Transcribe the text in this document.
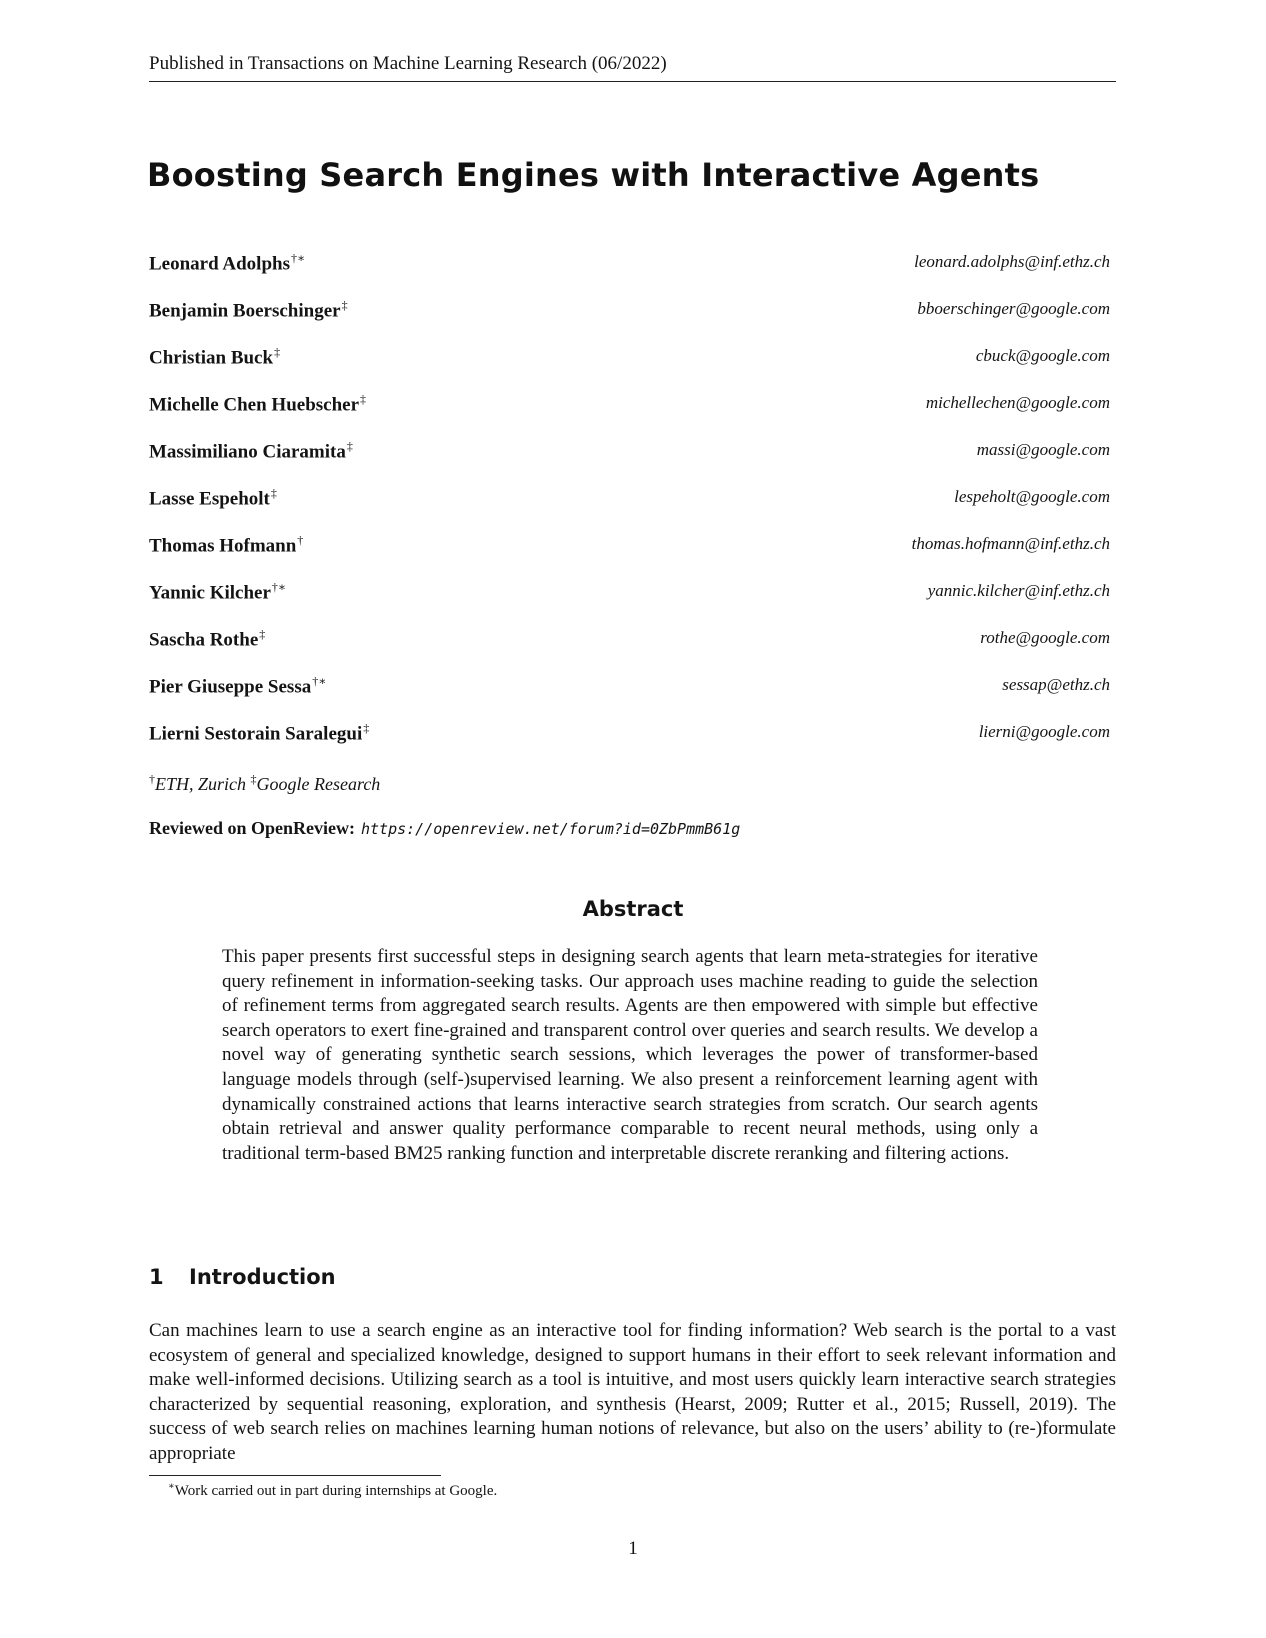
Published in Transactions on Machine Learning Research (06/2022)
Boosting Search Engines with Interactive Agents
Leonard Adolphs†∗	leonard.adolphs@inf.ethz.ch
Benjamin Boerschinger‡	bboerschinger@google.com
Christian Buck‡	cbuck@google.com
Michelle Chen Huebscher‡	michellechen@google.com
Massimiliano Ciaramita‡	massi@google.com
Lasse Espeholt‡	lespeholt@google.com
Thomas Hofmann†	thomas.hofmann@inf.ethz.ch
Yannic Kilcher†∗	yannic.kilcher@inf.ethz.ch
Sascha Rothe‡	rothe@google.com
Pier Giuseppe Sessa†∗	sessap@ethz.ch
Lierni Sestorain Saralegui‡	lierni@google.com
†ETH, Zurich ‡Google Research
Reviewed on OpenReview: https://openreview.net/forum?id=0ZbPmmB61g
Abstract

This paper presents first successful steps in designing search agents that learn meta-strategies for iterative query refinement in information-seeking tasks. Our approach uses machine reading to guide the selection of refinement terms from aggregated search results. Agents are then empowered with simple but effective search operators to exert fine-grained and transparent control over queries and search results. We develop a novel way of generating synthetic search sessions, which leverages the power of transformer-based language models through (self-)supervised learning. We also present a reinforcement learning agent with dynamically constrained actions that learns interactive search strategies from scratch. Our search agents obtain retrieval and answer quality performance comparable to recent neural methods, using only a traditional term-based BM25 ranking function and interpretable discrete reranking and filtering actions.

1 Introduction

Can machines learn to use a search engine as an interactive tool for finding information? Web search is the portal to a vast ecosystem of general and specialized knowledge, designed to support humans in their effort to seek relevant information and make well-informed decisions. Utilizing search as a tool is intuitive, and most users quickly learn interactive search strategies characterized by sequential reasoning, exploration, and synthesis (Hearst, 2009; Rutter et al., 2015; Russell, 2019). The success of web search relies on machines learning human notions of relevance, but also on the users’ ability to (re-)formulate appropriate

∗Work carried out in part during internships at Google.
1
